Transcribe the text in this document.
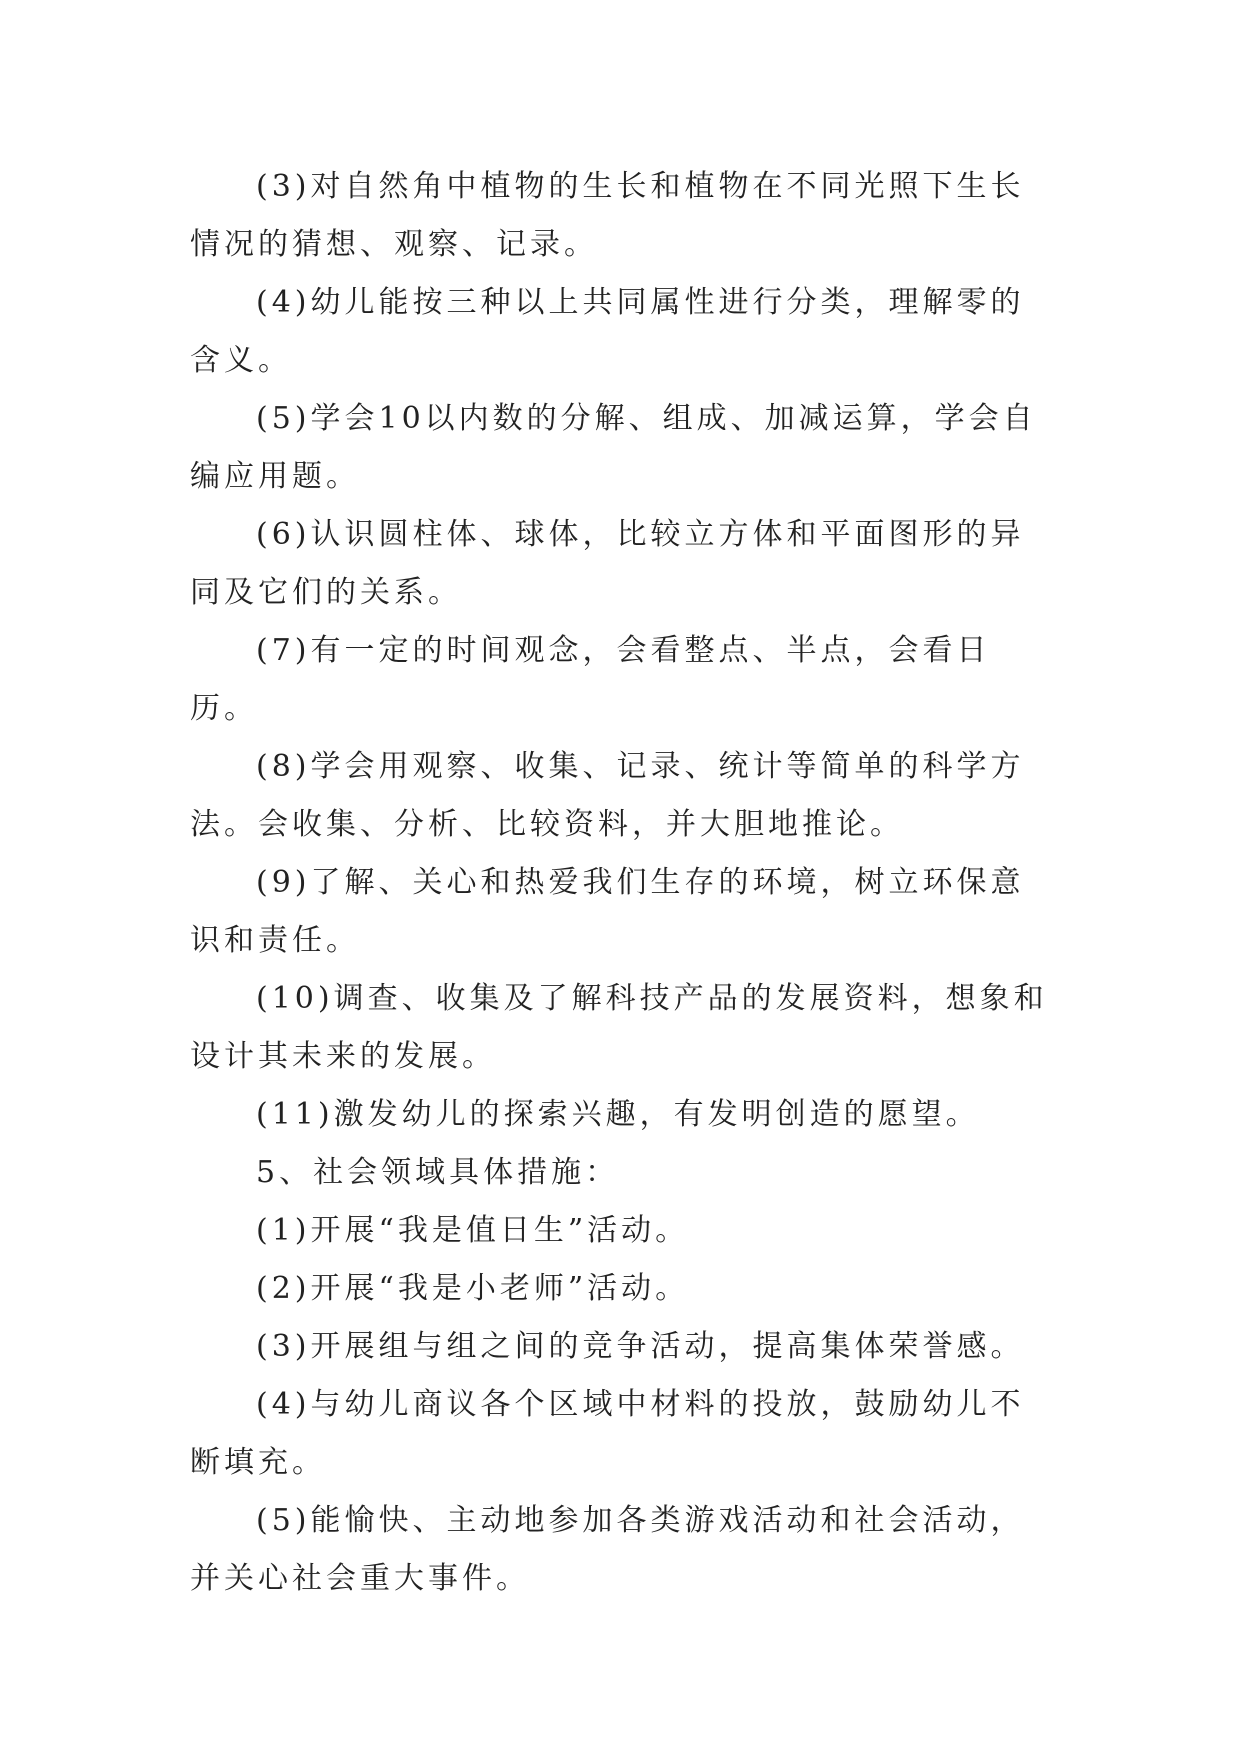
(3)对自然角中植物的生长和植物在不同光照下生长情况的猜想、观察、记录。

(4)幼儿能按三种以上共同属性进行分类，理解零的含义。

(5)学会10以内数的分解、组成、加减运算，学会自编应用题。

(6)认识圆柱体、球体，比较立方体和平面图形的异同及它们的关系。

(7)有一定的时间观念，会看整点、半点，会看日历。

(8)学会用观察、收集、记录、统计等简单的科学方法。会收集、分析、比较资料，并大胆地推论。

(9)了解、关心和热爱我们生存的环境，树立环保意识和责任。

(10)调查、收集及了解科技产品的发展资料，想象和设计其未来的发展。

(11)激发幼儿的探索兴趣，有发明创造的愿望。

5、社会领域具体措施：

(1)开展“我是值日生”活动。

(2)开展“我是小老师”活动。

(3)开展组与组之间的竞争活动，提高集体荣誉感。

(4)与幼儿商议各个区域中材料的投放，鼓励幼儿不断填充。

(5)能愉快、主动地参加各类游戏活动和社会活动，并关心社会重大事件。
